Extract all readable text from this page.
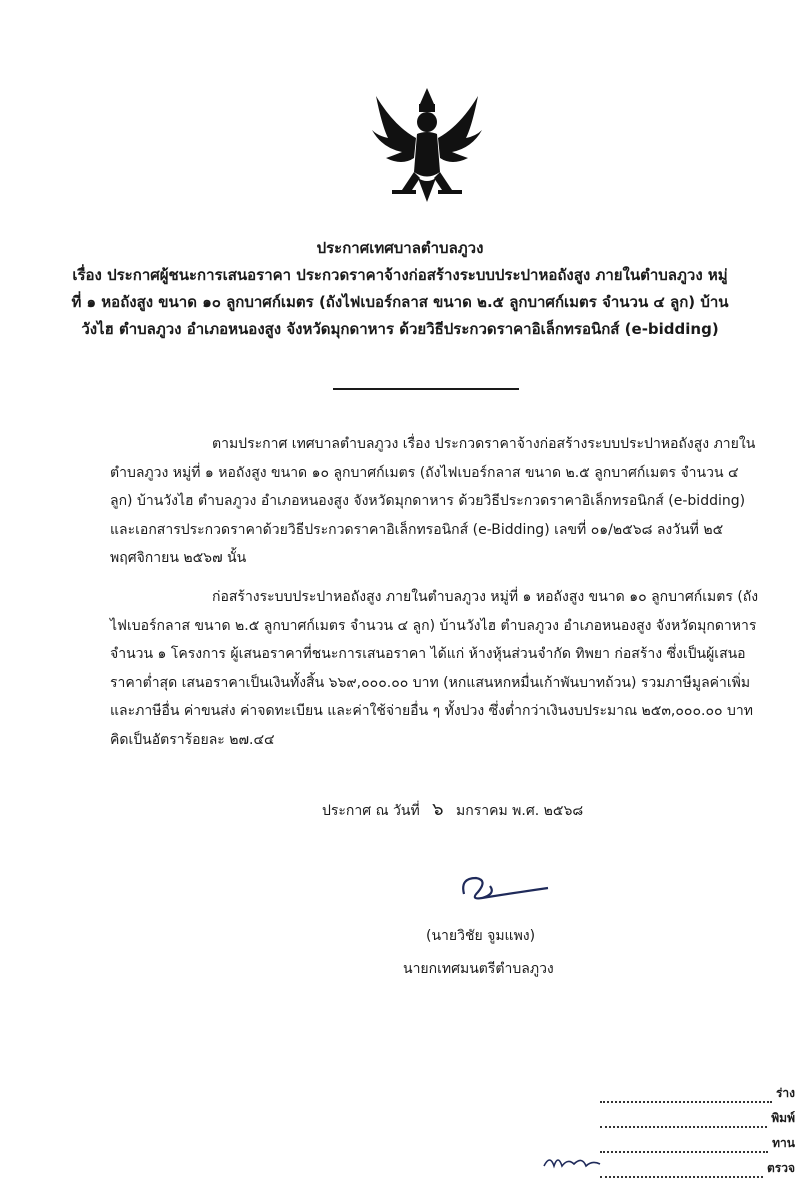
ประกาศเทศบาลตำบลภูวง
เรื่อง ประกาศผู้ชนะการเสนอราคา ประกวดราคาจ้างก่อสร้างระบบประปาหอถังสูง ภายในตำบลภูวง หมู่
ที่ ๑ หอถังสูง ขนาด ๑๐ ลูกบาศก์เมตร (ถังไฟเบอร์กลาส ขนาด ๒.๕ ลูกบาศก์เมตร จำนวน ๔ ลูก) บ้าน
วังไฮ ตำบลภูวง อำเภอหนองสูง จังหวัดมุกดาหาร ด้วยวิธีประกวดราคาอิเล็กทรอนิกส์ (e-bidding)
ตามประกาศ เทศบาลตำบลภูวง เรื่อง ประกวดราคาจ้างก่อสร้างระบบประปาหอถังสูง ภายในตำบลภูวง หมู่ที่ ๑ หอถังสูง ขนาด ๑๐ ลูกบาศก์เมตร (ถังไฟเบอร์กลาส ขนาด ๒.๕ ลูกบาศก์เมตร จำนวน ๔ ลูก) บ้านวังไฮ ตำบลภูวง อำเภอหนองสูง จังหวัดมุกดาหาร ด้วยวิธีประกวดราคาอิเล็กทรอนิกส์ (e-bidding) และเอกสารประกวดราคาด้วยวิธีประกวดราคาอิเล็กทรอนิกส์ (e-Bidding) เลขที่ ๐๑/๒๕๖๘ ลงวันที่ ๒๕ พฤศจิกายน ๒๕๖๗ นั้น
ก่อสร้างระบบประปาหอถังสูง ภายในตำบลภูวง หมู่ที่ ๑ หอถังสูง ขนาด ๑๐ ลูกบาศก์เมตร (ถังไฟเบอร์กลาส ขนาด ๒.๕ ลูกบาศก์เมตร จำนวน ๔ ลูก) บ้านวังไฮ ตำบลภูวง อำเภอหนองสูง จังหวัดมุกดาหาร จำนวน ๑ โครงการ ผู้เสนอราคาที่ชนะการเสนอราคา ได้แก่ ห้างหุ้นส่วนจำกัด ทิพยา ก่อสร้าง ซึ่งเป็นผู้เสนอราคาต่ำสุด เสนอราคาเป็นเงินทั้งสิ้น ๖๖๙,๐๐๐.๐๐ บาท (หกแสนหกหมื่นเก้าพันบาทถ้วน) รวมภาษีมูลค่าเพิ่มและภาษีอื่น ค่าขนส่ง ค่าจดทะเบียน และค่าใช้จ่ายอื่น ๆ ทั้งปวง ซึ่งต่ำกว่าเงินงบประมาณ ๒๕๓,๐๐๐.๐๐ บาท คิดเป็นอัตราร้อยละ ๒๗.๔๔
ประกาศ ณ วันที่ ๖ มกราคม พ.ศ. ๒๕๖๘
(นายวิชัย จูมแพง)
นายกเทศมนตรีตำบลภูวง
ร่าง
พิมพ์
ทาน
ตรวจ
